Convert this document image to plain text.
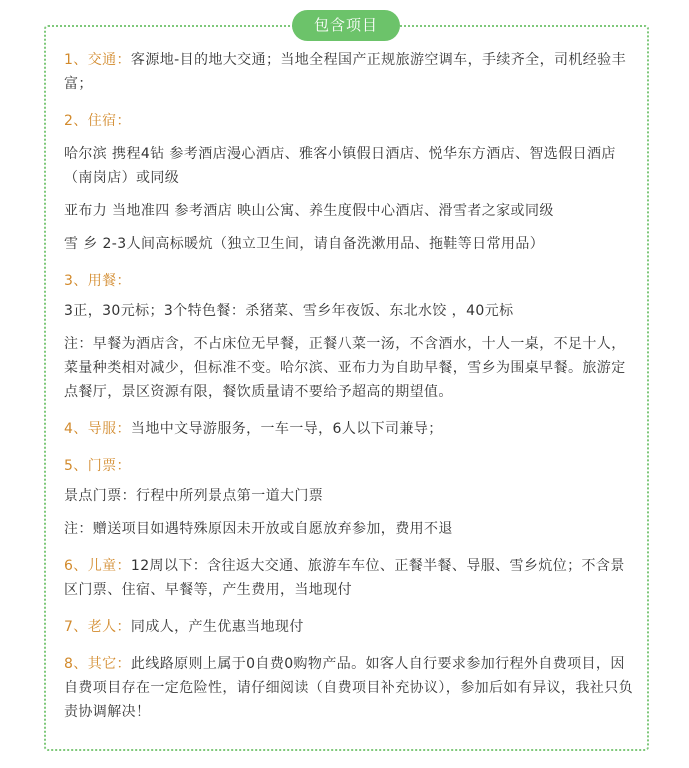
包含项目

1、交通：客源地-目的地大交通；当地全程国产正规旅游空调车，手续齐全，司机经验丰富；

2、住宿：

哈尔滨 携程4钻 参考酒店漫心酒店、雅客小镇假日酒店、悦华东方酒店、智选假日酒店（南岗店）或同级

亚布力 当地准四 参考酒店 映山公寓、养生度假中心酒店、滑雪者之家或同级

雪 乡 2-3人间高标暖炕（独立卫生间，请自备洗漱用品、拖鞋等日常用品）

3、用餐：

3正，30元标；3个特色餐：杀猪菜、雪乡年夜饭、东北水饺 ，40元标

注：早餐为酒店含，不占床位无早餐，正餐八菜一汤，不含酒水，十人一桌，不足十人，菜量种类相对减少，但标准不变。哈尔滨、亚布力为自助早餐，雪乡为围桌早餐。旅游定点餐厅，景区资源有限，餐饮质量请不要给予超高的期望值。

4、导服：当地中文导游服务，一车一导，6人以下司兼导；

5、门票：

景点门票：行程中所列景点第一道大门票

注：赠送项目如遇特殊原因未开放或自愿放弃参加，费用不退

6、儿童：12周以下：含往返大交通、旅游车车位、正餐半餐、导服、雪乡炕位；不含景区门票、住宿、早餐等，产生费用，当地现付

7、老人：同成人，产生优惠当地现付

8、其它：此线路原则上属于0自费0购物产品。如客人自行要求参加行程外自费项目，因自费项目存在一定危险性，请仔细阅读（自费项目补充协议），参加后如有异议，我社只负责协调解决！
